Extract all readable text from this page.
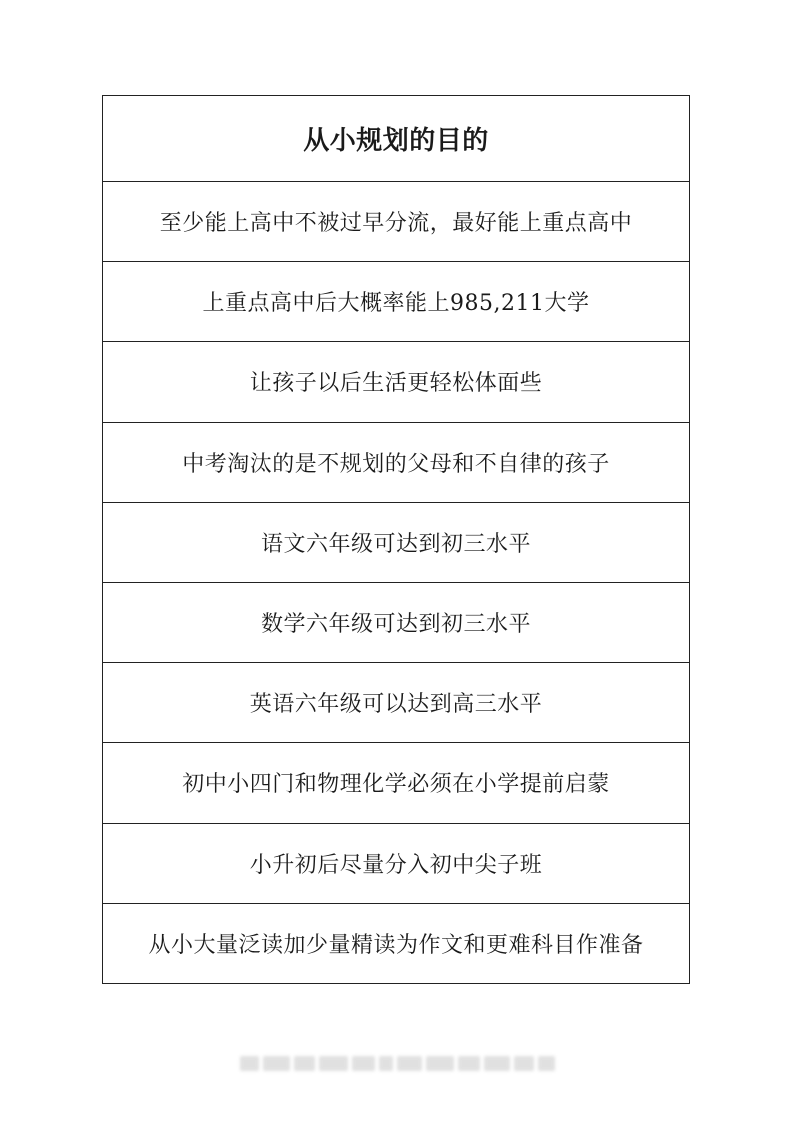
从小规划的目的
至少能上高中不被过早分流，最好能上重点高中
上重点高中后大概率能上985,211大学
让孩子以后生活更轻松体面些
中考淘汰的是不规划的父母和不自律的孩子
语文六年级可达到初三水平
数学六年级可达到初三水平
英语六年级可以达到高三水平
初中小四门和物理化学必须在小学提前启蒙
小升初后尽量分入初中尖子班
从小大量泛读加少量精读为作文和更难科目作准备
